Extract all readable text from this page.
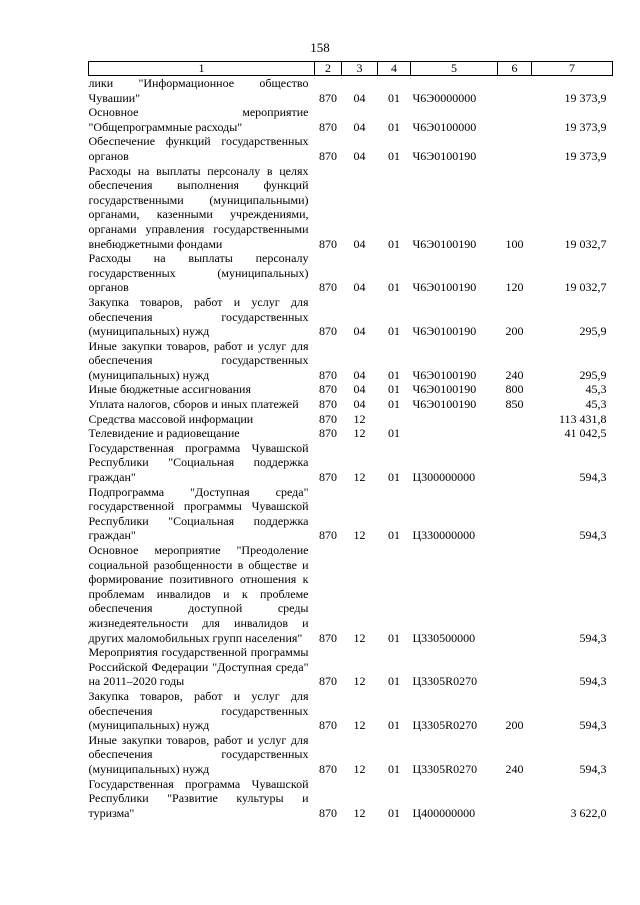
158
1	2	3	4	5	6	7
лики "Информационное общество Чувашии"	870	04	01	Ч6Э0000000		19 373,9
Основное мероприятие "Общепрограммные расходы"	870	04	01	Ч6Э0100000		19 373,9
Обеспечение функций государственных органов	870	04	01	Ч6Э0100190		19 373,9
Расходы на выплаты персоналу в целях обеспечения выполнения функций государственными (муниципальными) органами, казенными учреждениями, органами управления государственными внебюджетными фондами	870	04	01	Ч6Э0100190	100	19 032,7
Расходы на выплаты персоналу государственных (муниципальных) органов	870	04	01	Ч6Э0100190	120	19 032,7
Закупка товаров, работ и услуг для обеспечения государственных (муниципальных) нужд	870	04	01	Ч6Э0100190	200	295,9
Иные закупки товаров, работ и услуг для обеспечения государственных (муниципальных) нужд	870	04	01	Ч6Э0100190	240	295,9
Иные бюджетные ассигнования	870	04	01	Ч6Э0100190	800	45,3
Уплата налогов, сборов и иных платежей	870	04	01	Ч6Э0100190	850	45,3
Средства массовой информации	870	12				113 431,8
Телевидение и радиовещание	870	12	01			41 042,5
Государственная программа Чувашской Республики "Социальная поддержка граждан"	870	12	01	Ц300000000		594,3
Подпрограмма "Доступная среда" государственной программы Чувашской Республики "Социальная поддержка граждан"	870	12	01	Ц330000000		594,3
Основное мероприятие "Преодоление социальной разобщенности в обществе и формирование позитивного отношения к проблемам инвалидов и к проблеме обеспечения доступной среды жизнедеятельности для инвалидов и других маломобильных групп населения"	870	12	01	Ц330500000		594,3
Мероприятия государственной программы Российской Федерации "Доступная среда" на 2011–2020 годы	870	12	01	Ц3305R0270		594,3
Закупка товаров, работ и услуг для обеспечения государственных (муниципальных) нужд	870	12	01	Ц3305R0270	200	594,3
Иные закупки товаров, работ и услуг для обеспечения государственных (муниципальных) нужд	870	12	01	Ц3305R0270	240	594,3
Государственная программа Чувашской Республики "Развитие культуры и туризма"	870	12	01	Ц400000000		3 622,0
